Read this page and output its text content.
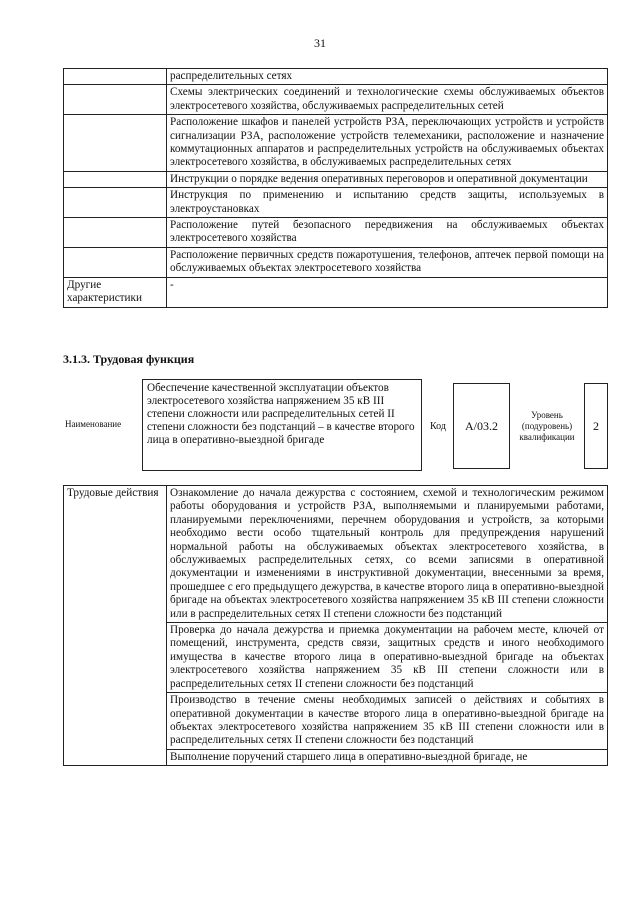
31
	распределительных сетях
	Схемы электрических соединений и технологические схемы обслуживаемых объектов электросетевого хозяйства, обслуживаемых распределительных сетей
	Расположение шкафов и панелей устройств РЗА, переключающих устройств и устройств сигнализации РЗА, расположение устройств телемеханики, расположение и назначение коммутационных аппаратов и распределительных устройств на обслуживаемых объектах электросетевого хозяйства, в обслуживаемых распределительных сетях
	Инструкции о порядке ведения оперативных переговоров и оперативной документации
	Инструкция по применению и испытанию средств защиты, используемых в электроустановках
	Расположение путей безопасного передвижения на обслуживаемых объектах электросетевого хозяйства
	Расположение первичных средств пожаротушения, телефонов, аптечек первой помощи на обслуживаемых объектах электросетевого хозяйства
Другие характеристики	-
3.1.3. Трудовая функция
Наименование
Обеспечение качественной эксплуатации объектов электросетевого хозяйства напряжением 35 кВ III степени сложности или распределительных сетей II степени сложности без подстанций – в качестве второго лица в оперативно-выездной бригаде
Код A/03.2
Уровень (подуровень) квалификации
2
Трудовые действия	Ознакомление до начала дежурства с состоянием, схемой и технологическим режимом работы оборудования и устройств РЗА, выполняемыми и планируемыми работами, планируемыми переключениями, перечнем оборудования и устройств, за которыми необходимо вести особо тщательный контроль для предупреждения нарушений нормальной работы на обслуживаемых объектах электросетевого хозяйства, в обслуживаемых распределительных сетях, со всеми записями в оперативной документации и изменениями в инструктивной документации, внесенными за время, прошедшее с его предыдущего дежурства, в качестве второго лица в оперативно-выездной бригаде на объектах электросетевого хозяйства напряжением 35 кВ III степени сложности или в распределительных сетях II степени сложности без подстанций
Проверка до начала дежурства и приемка документации на рабочем месте, ключей от помещений, инструмента, средств связи, защитных средств и иного необходимого имущества в качестве второго лица в оперативно-выездной бригаде на объектах электросетевого хозяйства напряжением 35 кВ III степени сложности или в распределительных сетях II степени сложности без подстанций
Производство в течение смены необходимых записей о действиях и событиях в оперативной документации в качестве второго лица в оперативно-выездной бригаде на объектах электросетевого хозяйства напряжением 35 кВ III степени сложности или в распределительных сетях II степени сложности без подстанций
Выполнение поручений старшего лица в оперативно-выездной бригаде, не
